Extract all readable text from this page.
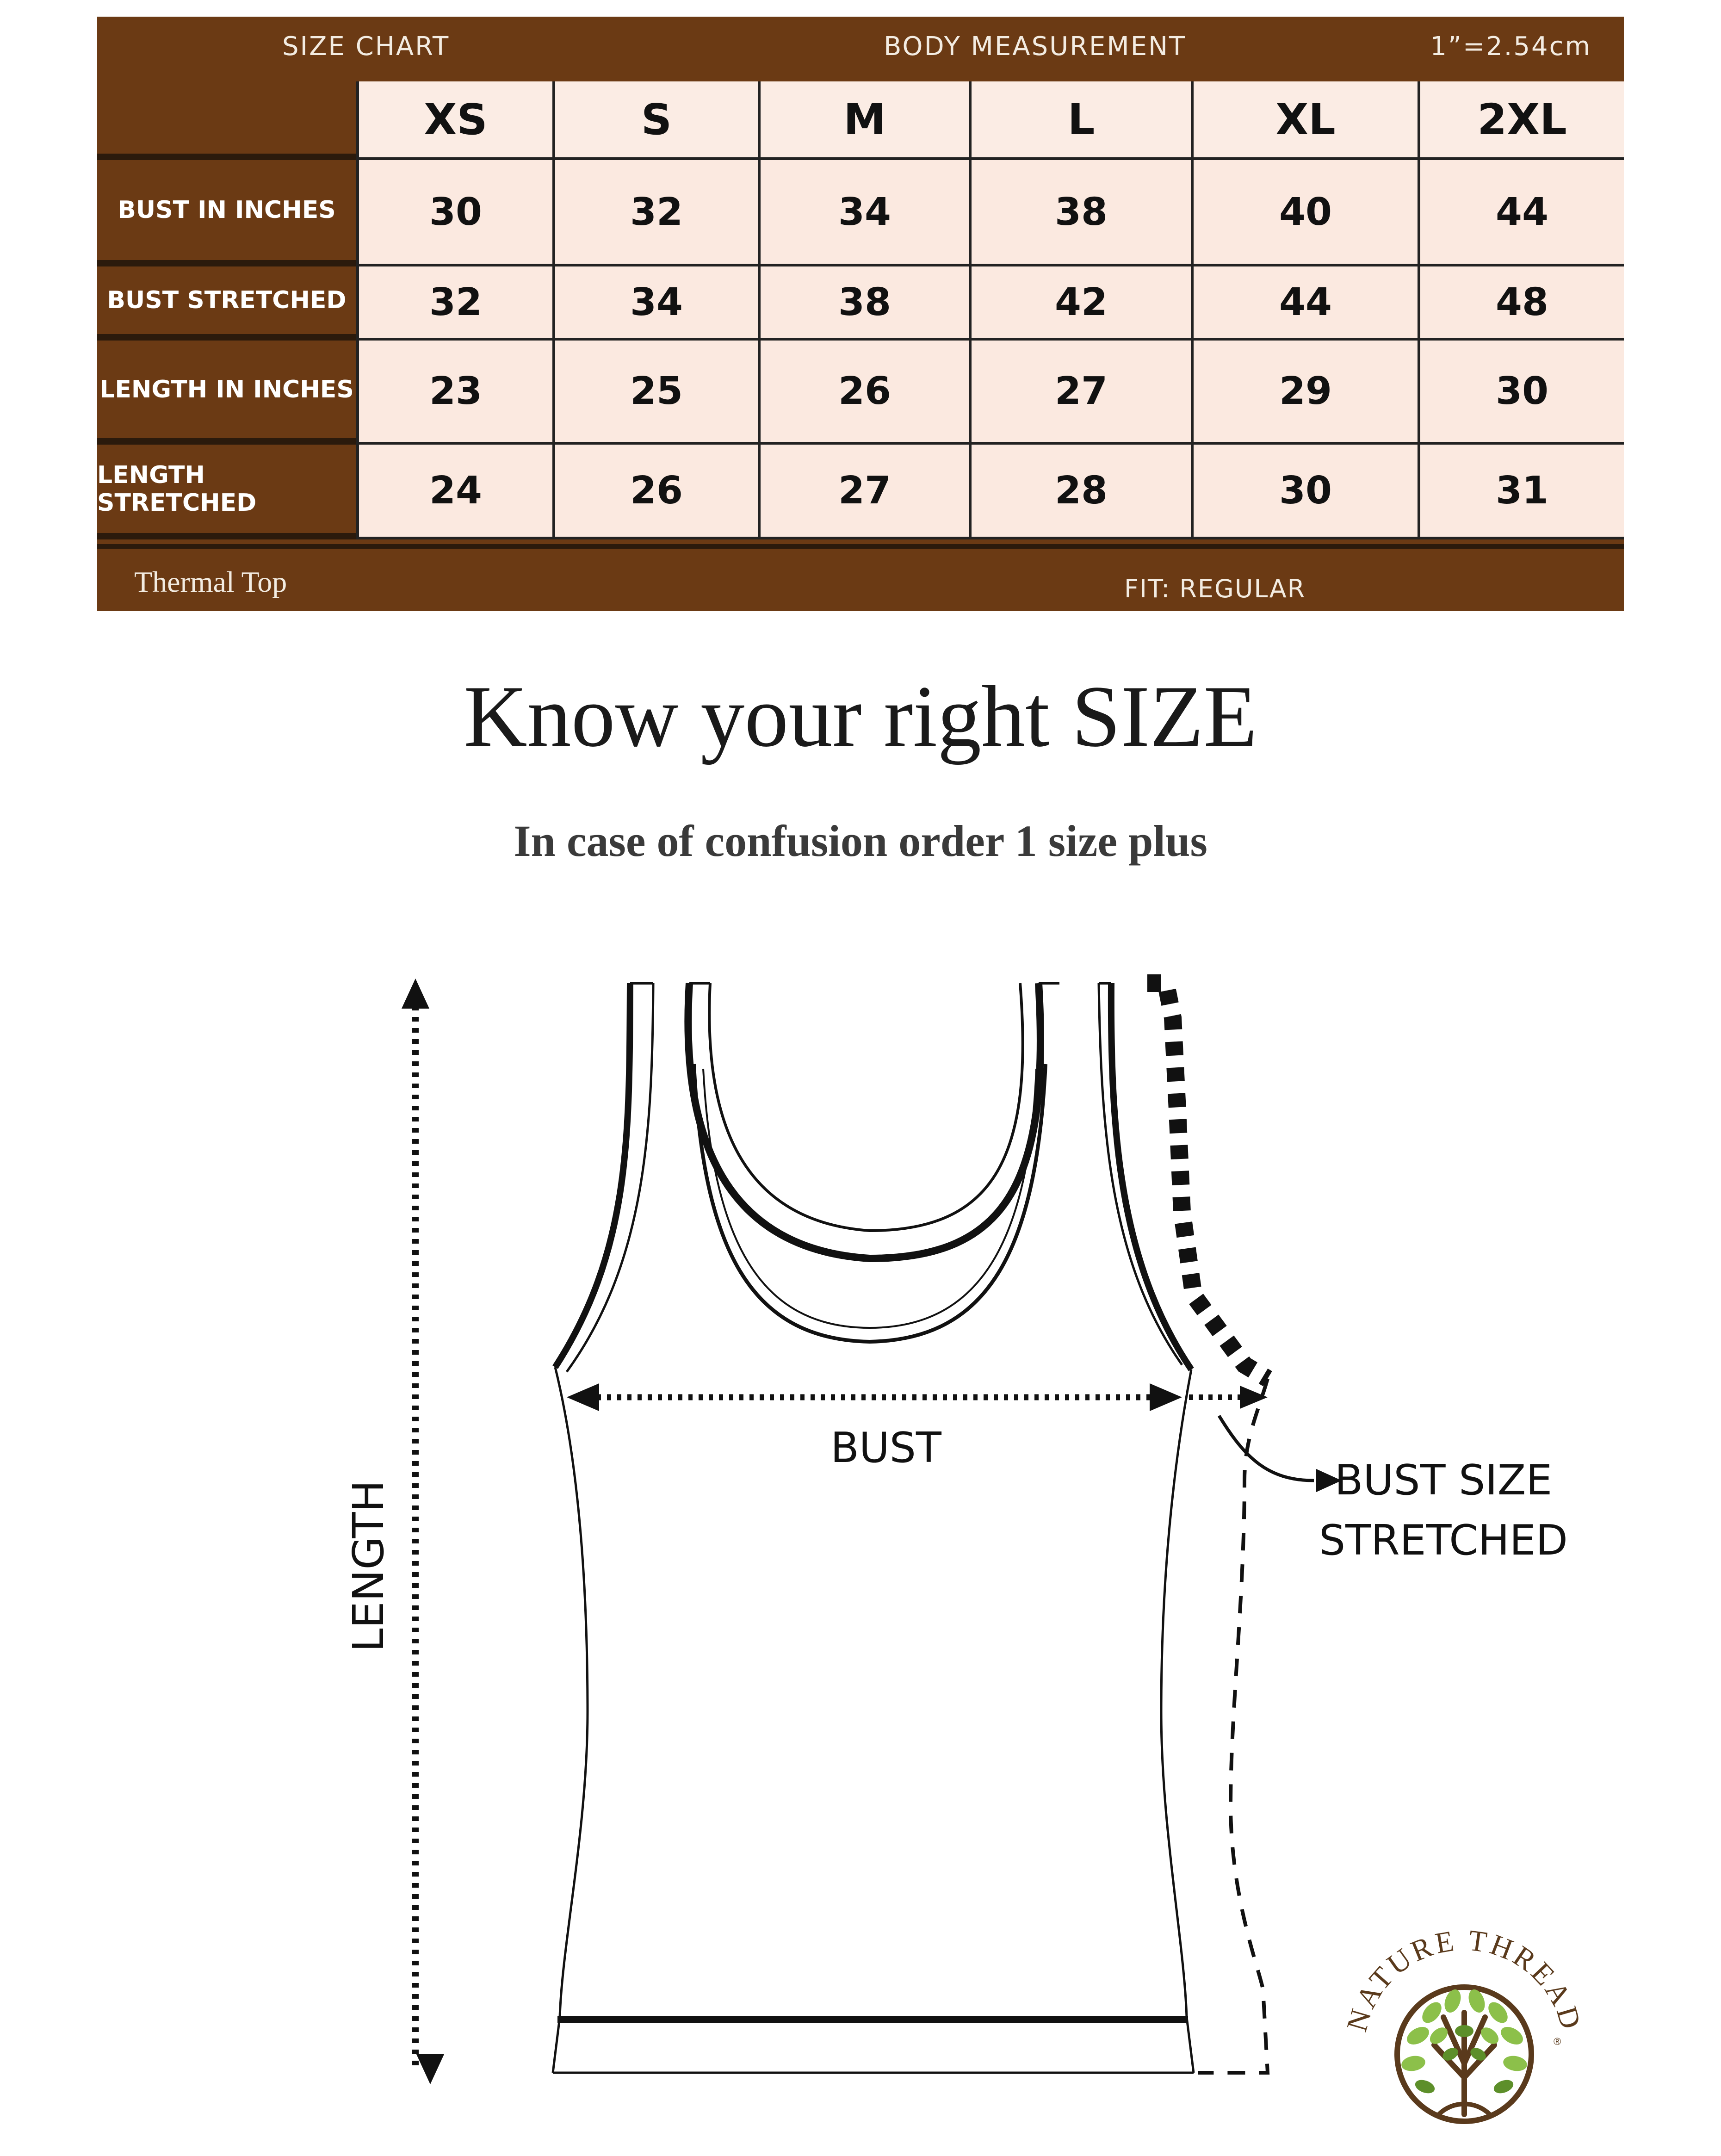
SIZE CHART	BODY MEASUREMENT	1”=2.54cm
XS	S	M	L	XL	2XL
BUST IN INCHES	30	32	34	38	40	44
BUST STRETCHED	32	34	38	42	44	48
LENGTH IN INCHES	23	25	26	27	29	30
LENGTH STRETCHED	24	26	27	28	30	31
Thermal Top	FIT: REGULAR
Know your right SIZE
In case of confusion order 1 size plus
LENGTH
BUST
BUST SIZE
STRETCHED
NATURE THREAD
®
